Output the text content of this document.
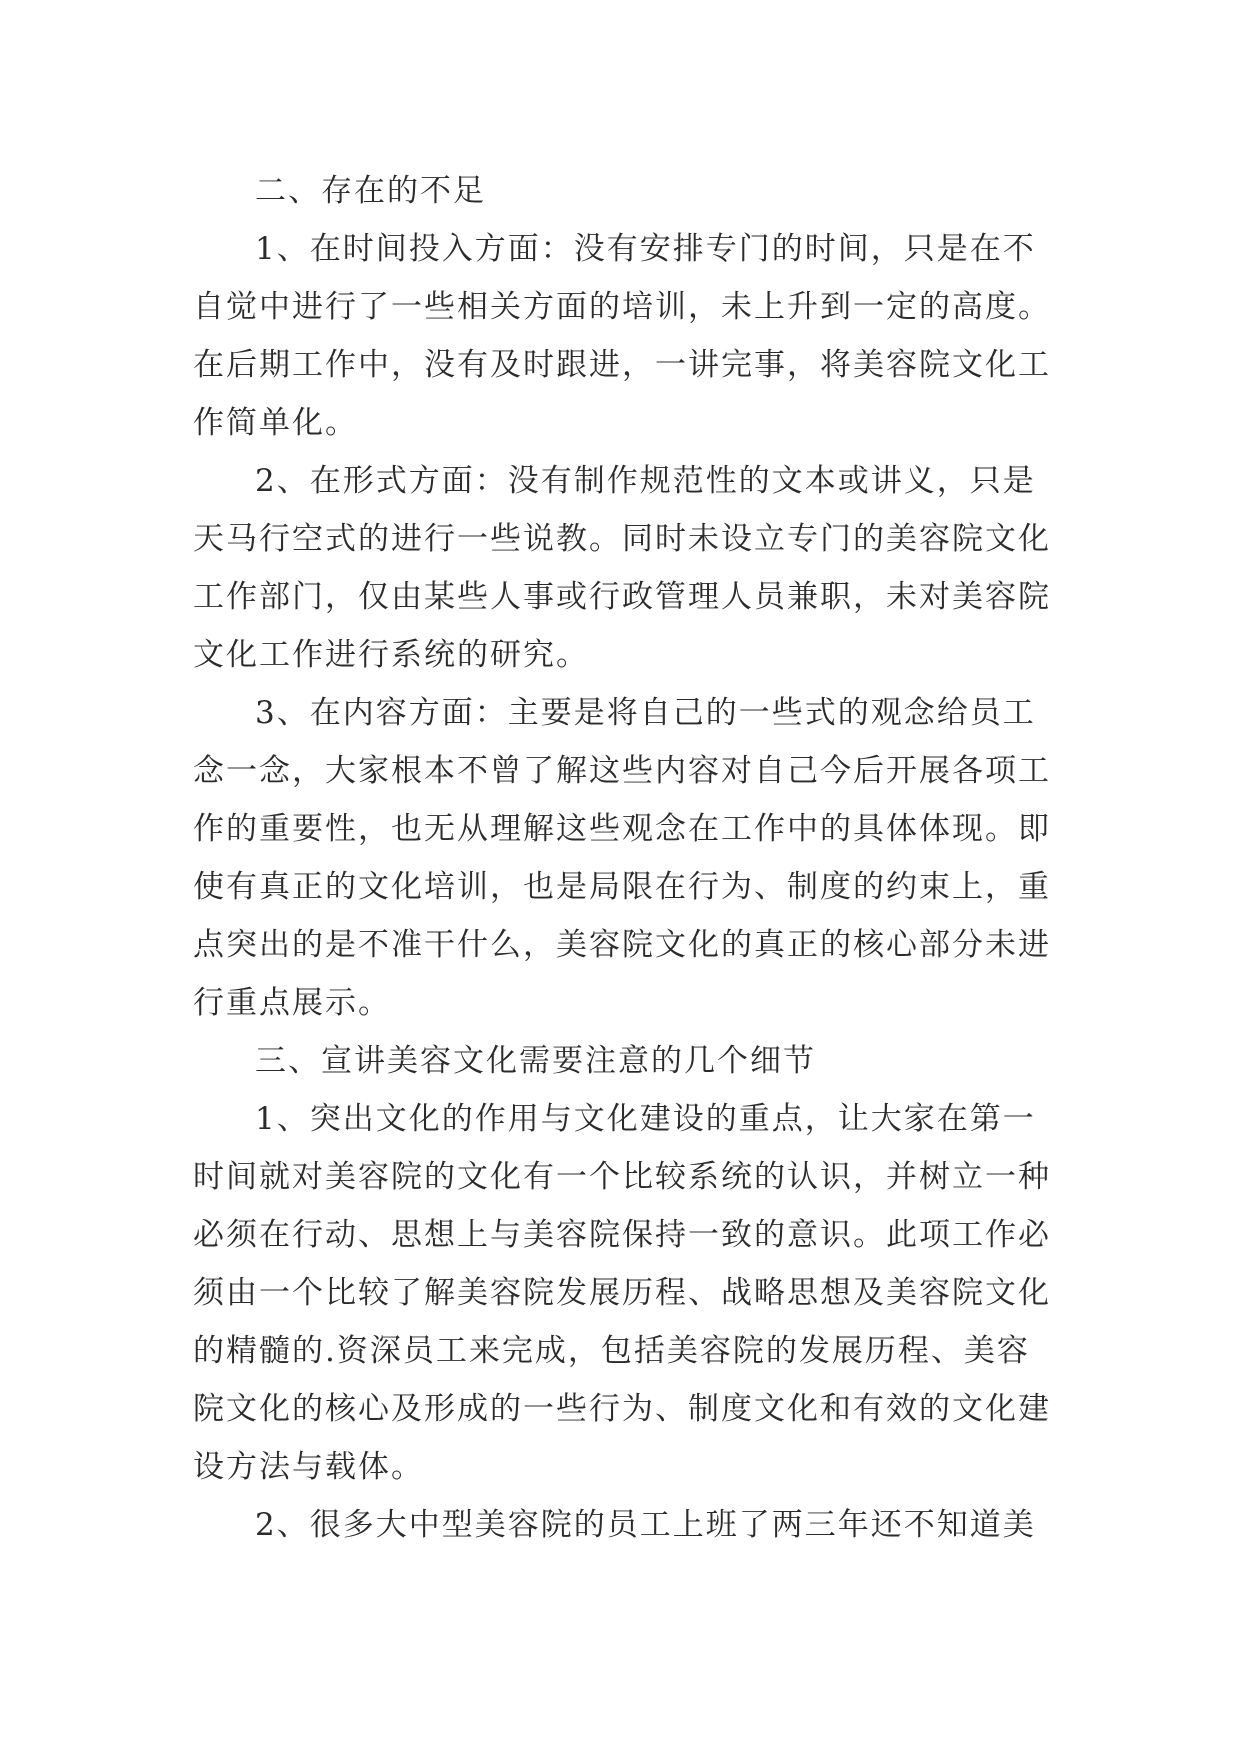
二、存在的不足
1、在时间投入方面：没有安排专门的时间，只是在不
自觉中进行了一些相关方面的培训，未上升到一定的高度。
在后期工作中，没有及时跟进，一讲完事，将美容院文化工
作简单化。
2、在形式方面：没有制作规范性的文本或讲义，只是
天马行空式的进行一些说教。同时未设立专门的美容院文化
工作部门，仅由某些人事或行政管理人员兼职，未对美容院
文化工作进行系统的研究。
3、在内容方面：主要是将自己的一些式的观念给员工
念一念，大家根本不曾了解这些内容对自己今后开展各项工
作的重要性，也无从理解这些观念在工作中的具体体现。即
使有真正的文化培训，也是局限在行为、制度的约束上，重
点突出的是不准干什么，美容院文化的真正的核心部分未进
行重点展示。
三、宣讲美容文化需要注意的几个细节
1、突出文化的作用与文化建设的重点，让大家在第一
时间就对美容院的文化有一个比较系统的认识，并树立一种
必须在行动、思想上与美容院保持一致的意识。此项工作必
须由一个比较了解美容院发展历程、战略思想及美容院文化
的精髓的.资深员工来完成，包括美容院的发展历程、美容
院文化的核心及形成的一些行为、制度文化和有效的文化建
设方法与载体。
2、很多大中型美容院的员工上班了两三年还不知道美
